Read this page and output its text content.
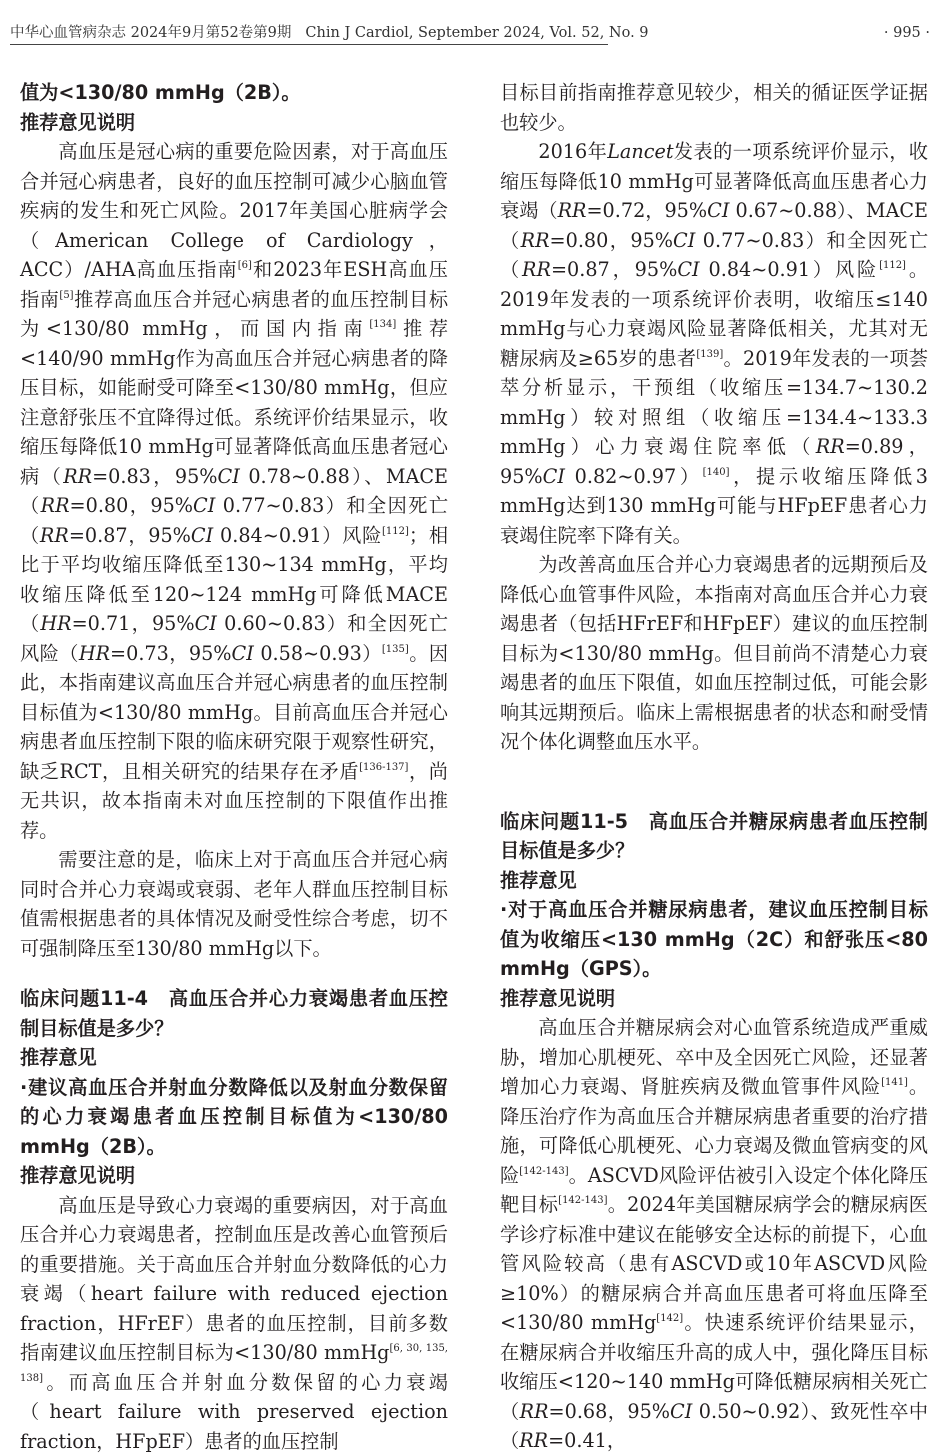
中华心血管病杂志 2024年9月第52卷第9期 Chin J Cardiol, September 2024, Vol. 52, No. 9	· 995 ·

值为<130/80 mmHg（2B）。

推荐意见说明

高血压是冠心病的重要危险因素，对于高血压合并冠心病患者，良好的血压控制可减少心脑血管疾病的发生和死亡风险。2017年美国心脏病学会（American College of Cardiology，ACC）/AHA高血压指南[6]和2023年ESH高血压指南[5]推荐高血压合并冠心病患者的血压控制目标为<130/80 mmHg，而国内指南[134]推荐<140/90 mmHg作为高血压合并冠心病患者的降压目标，如能耐受可降至<130/80 mmHg，但应注意舒张压不宜降得过低。系统评价结果显示，收缩压每降低10 mmHg可显著降低高血压患者冠心病（RR=0.83，95%CI 0.78~0.88）、MACE（RR=0.80，95%CI 0.77~0.83）和全因死亡（RR=0.87，95%CI 0.84~0.91）风险[112]；相比于平均收缩压降低至130~134 mmHg，平均收缩压降低至120~124 mmHg可降低MACE（HR=0.71，95%CI 0.60~0.83）和全因死亡风险（HR=0.73，95%CI 0.58~0.93）[135]。因此，本指南建议高血压合并冠心病患者的血压控制目标值为<130/80 mmHg。目前高血压合并冠心病患者血压控制下限的临床研究限于观察性研究，缺乏RCT，且相关研究的结果存在矛盾[136-137]，尚无共识，故本指南未对血压控制的下限值作出推荐。

需要注意的是，临床上对于高血压合并冠心病同时合并心力衰竭或衰弱、老年人群血压控制目标值需根据患者的具体情况及耐受性综合考虑，切不可强制降压至130/80 mmHg以下。

临床问题11-4　高血压合并心力衰竭患者血压控制目标值是多少？

推荐意见

·建议高血压合并射血分数降低以及射血分数保留的心力衰竭患者血压控制目标值为<130/80 mmHg（2B）。

推荐意见说明

高血压是导致心力衰竭的重要病因，对于高血压合并心力衰竭患者，控制血压是改善心血管预后的重要措施。关于高血压合并射血分数降低的心力衰竭（heart failure with reduced ejection fraction，HFrEF）患者的血压控制，目前多数指南建议血压控制目标为<130/80 mmHg[6, 30, 135, 138]。而高血压合并射血分数保留的心力衰竭（heart failure with preserved ejection fraction，HFpEF）患者的血压控制

目标目前指南推荐意见较少，相关的循证医学证据也较少。

2016年Lancet发表的一项系统评价显示，收缩压每降低10 mmHg可显著降低高血压患者心力衰竭（RR=0.72，95%CI 0.67~0.88）、MACE（RR=0.80，95%CI 0.77~0.83）和全因死亡（RR=0.87，95%CI 0.84~0.91）风险[112]。2019年发表的一项系统评价表明，收缩压≤140 mmHg与心力衰竭风险显著降低相关，尤其对无糖尿病及≥65岁的患者[139]。2019年发表的一项荟萃分析显示，干预组（收缩压=134.7~130.2 mmHg）较对照组（收缩压=134.4~133.3 mmHg）心力衰竭住院率低（RR=0.89，95%CI 0.82~0.97）[140]，提示收缩压降低3 mmHg达到130 mmHg可能与HFpEF患者心力衰竭住院率下降有关。

为改善高血压合并心力衰竭患者的远期预后及降低心血管事件风险，本指南对高血压合并心力衰竭患者（包括HFrEF和HFpEF）建议的血压控制目标为<130/80 mmHg。但目前尚不清楚心力衰竭患者的血压下限值，如血压控制过低，可能会影响其远期预后。临床上需根据患者的状态和耐受情况个体化调整血压水平。

临床问题11-5　高血压合并糖尿病患者血压控制目标值是多少？

推荐意见

·对于高血压合并糖尿病患者，建议血压控制目标值为收缩压<130 mmHg（2C）和舒张压<80 mmHg（GPS）。

推荐意见说明

高血压合并糖尿病会对心血管系统造成严重威胁，增加心肌梗死、卒中及全因死亡风险，还显著增加心力衰竭、肾脏疾病及微血管事件风险[141]。降压治疗作为高血压合并糖尿病患者重要的治疗措施，可降低心肌梗死、心力衰竭及微血管病变的风险[142-143]。ASCVD风险评估被引入设定个体化降压靶目标[142-143]。2024年美国糖尿病学会的糖尿病医学诊疗标准中建议在能够安全达标的前提下，心血管风险较高（患有ASCVD或10年ASCVD风险≥10%）的糖尿病合并高血压患者可将血压降至<130/80 mmHg[142]。快速系统评价结果显示，在糖尿病合并收缩压升高的成人中，强化降压目标收缩压<120~140 mmHg可降低糖尿病相关死亡（RR=0.68，95%CI 0.50~0.92）、致死性卒中（RR=0.41，
